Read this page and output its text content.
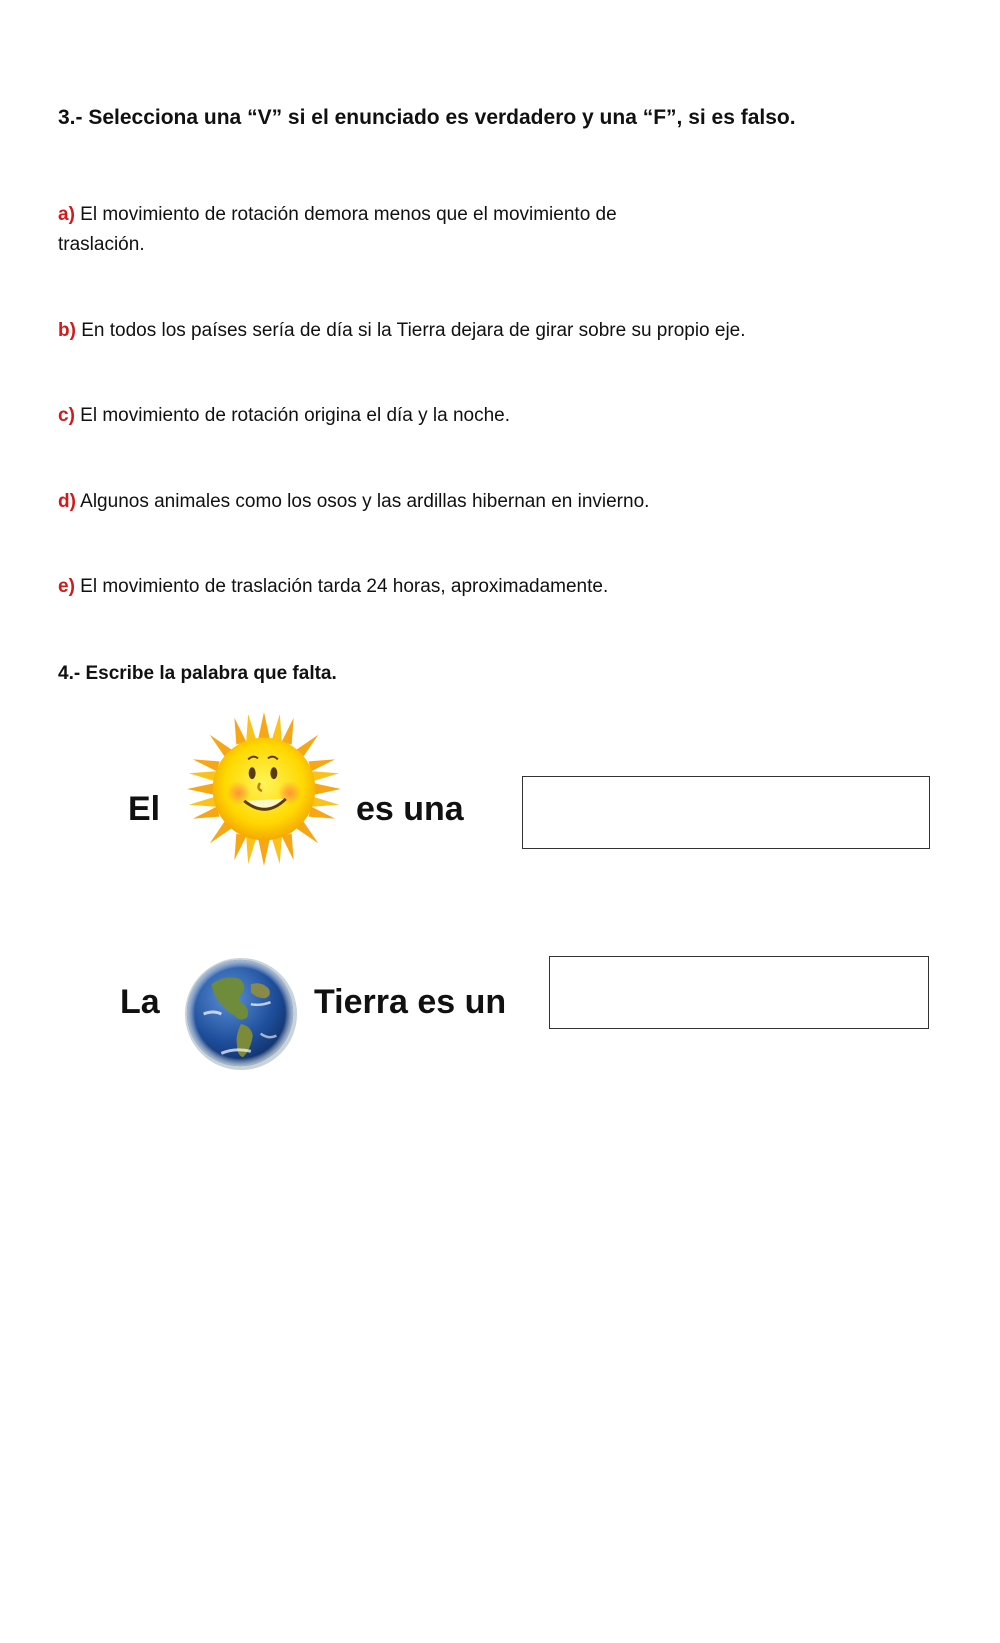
3.- Selecciona una “V” si el enunciado es verdadero y una “F”, si es falso.
a) El movimiento de rotación demora menos que el movimiento de traslación.
b) En todos los países sería de día si la Tierra dejara de girar sobre su propio eje.
c) El movimiento de rotación origina el día y la noche.
d) Algunos animales como los osos y las ardillas hibernan en invierno.
e) El movimiento de traslación tarda 24 horas, aproximadamente.
4.- Escribe la palabra que falta.
El	es una
La	Tierra es un
